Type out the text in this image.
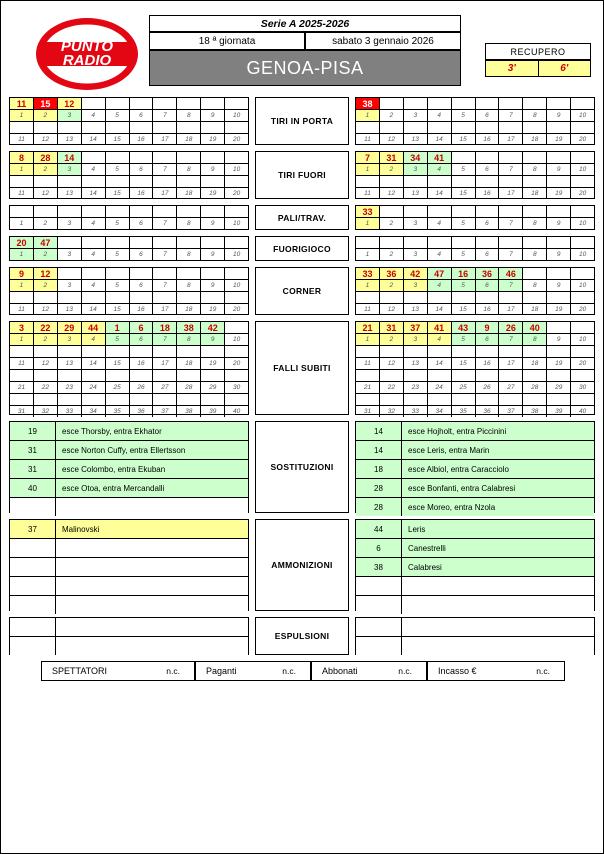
PUNTO
RADIO
Serie A 2025-2026
18 ª giornata	sabato 3 gennaio 2026
GENOA-PISA
RECUPERO
3'	6'
11	15	12
1	2	3	4	5	6	7	8	9	10
11	12	13	14	15	16	17	18	19	20
TIRI IN PORTA
38
1	2	3	4	5	6	7	8	9	10
11	12	13	14	15	16	17	18	19	20
8	28	14
1	2	3	4	5	6	7	8	9	10
11	12	13	14	15	16	17	18	19	20
TIRI FUORI
7	31	34	41
1	2	3	4	5	6	7	8	9	10
11	12	13	14	15	16	17	18	19	20
1	2	3	4	5	6	7	8	9	10
PALI/TRAV.
33
1	2	3	4	5	6	7	8	9	10
20	47
1	2	3	4	5	6	7	8	9	10
FUORIGIOCO
1	2	3	4	5	6	7	8	9	10
9	12
1	2	3	4	5	6	7	8	9	10
11	12	13	14	15	16	17	18	19	20
CORNER
33	36	42	47	16	36	46
1	2	3	4	5	6	7	8	9	10
11	12	13	14	15	16	17	18	19	20
3	22	29	44	1	6	18	38	42
1	2	3	4	5	6	7	8	9	10
11	12	13	14	15	16	17	18	19	20
21	22	23	24	25	26	27	28	29	30
31	32	33	34	35	36	37	38	39	40
FALLI SUBITI
21	31	37	41	43	9	26	40
1	2	3	4	5	6	7	8	9	10
11	12	13	14	15	16	17	18	19	20
21	22	23	24	25	26	27	28	29	30
31	32	33	34	35	36	37	38	39	40
19	esce Thorsby, entra Ekhator
31	esce Norton Cuffy, entra Ellertsson
31	esce Colombo, entra Ekuban
40	esce Otoa, entra Mercandalli
SOSTITUZIONI
14	esce Hojholt, entra Piccinini
14	esce Leris, entra Marin
18	esce Albiol, entra Caracciolo
28	esce Bonfanti, entra Calabresi
28	esce Moreo, entra Nzola
37	Malinovski
AMMONIZIONI
44	Leris
6	Canestrelli
38	Calabresi
ESPULSIONI
SPETTATORI	n.c.	Paganti	n.c.	Abbonati	n.c.	Incasso €	n.c.
